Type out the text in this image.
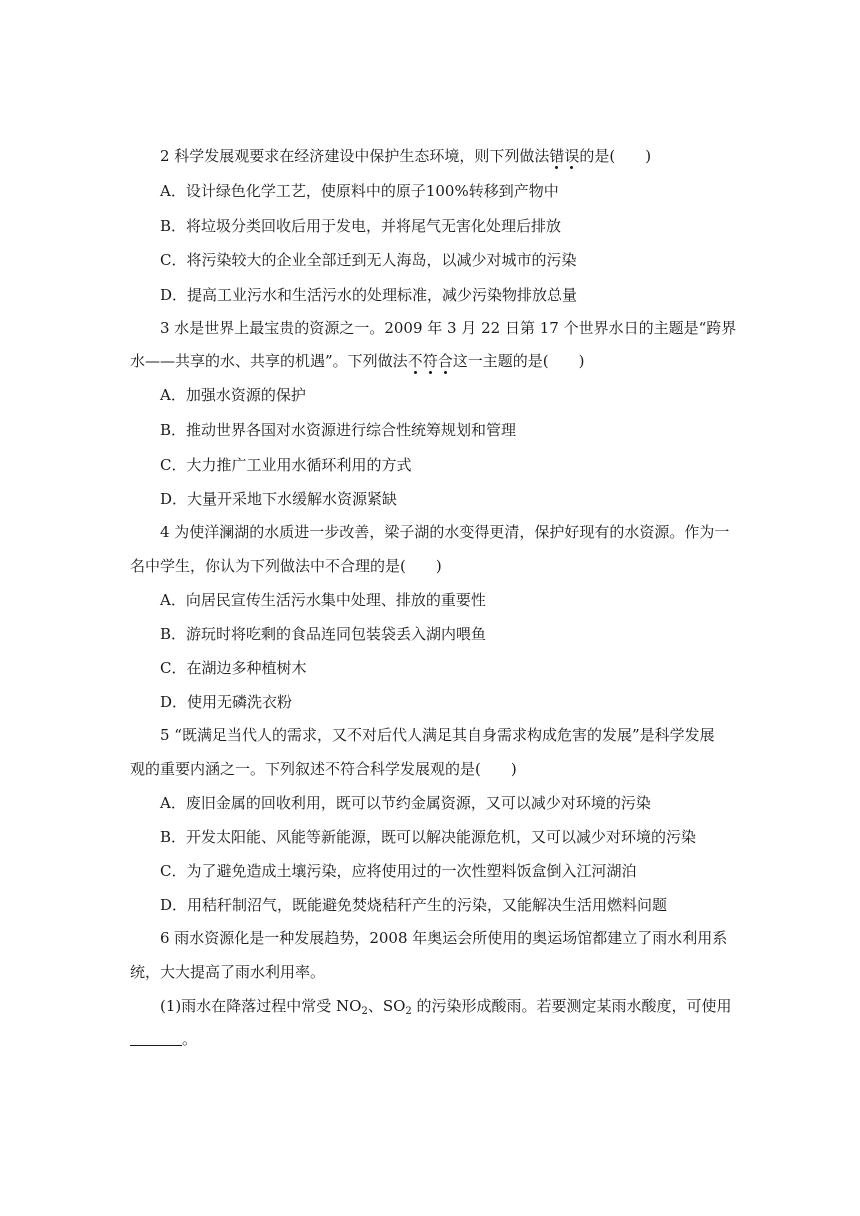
2 科学发展观要求在经济建设中保护生态环境，则下列做法错误的是(　　)
A．设计绿色化学工艺，使原料中的原子100%转移到产物中
B．将垃圾分类回收后用于发电，并将尾气无害化处理后排放
C．将污染较大的企业全部迁到无人海岛，以减少对城市的污染
D．提高工业污水和生活污水的处理标准，减少污染物排放总量
3 水是世界上最宝贵的资源之一。2009 年 3 月 22 日第 17 个世界水日的主题是“跨界
水——共享的水、共享的机遇”。下列做法不符合这一主题的是(　　)
A．加强水资源的保护
B．推动世界各国对水资源进行综合性统筹规划和管理
C．大力推广工业用水循环利用的方式
D．大量开采地下水缓解水资源紧缺
4 为使洋澜湖的水质进一步改善，梁子湖的水变得更清，保护好现有的水资源。作为一
名中学生，你认为下列做法中不合理的是(　　)
A．向居民宣传生活污水集中处理、排放的重要性
B．游玩时将吃剩的食品连同包装袋丢入湖内喂鱼
C．在湖边多种植树木
D．使用无磷洗衣粉
5 “既满足当代人的需求，又不对后代人满足其自身需求构成危害的发展”是科学发展
观的重要内涵之一。下列叙述不符合科学发展观的是(　　)
A．废旧金属的回收利用，既可以节约金属资源，又可以减少对环境的污染
B．开发太阳能、风能等新能源，既可以解决能源危机，又可以减少对环境的污染
C．为了避免造成土壤污染，应将使用过的一次性塑料饭盒倒入江河湖泊
D．用秸秆制沼气，既能避免焚烧秸秆产生的污染，又能解决生活用燃料问题
6 雨水资源化是一种发展趋势，2008 年奥运会所使用的奥运场馆都建立了雨水利用系
统，大大提高了雨水利用率。
(1)雨水在降落过程中常受 $NO_2$、$SO_2$ 的污染形成酸雨。若要测定某雨水酸度，可使用
。
